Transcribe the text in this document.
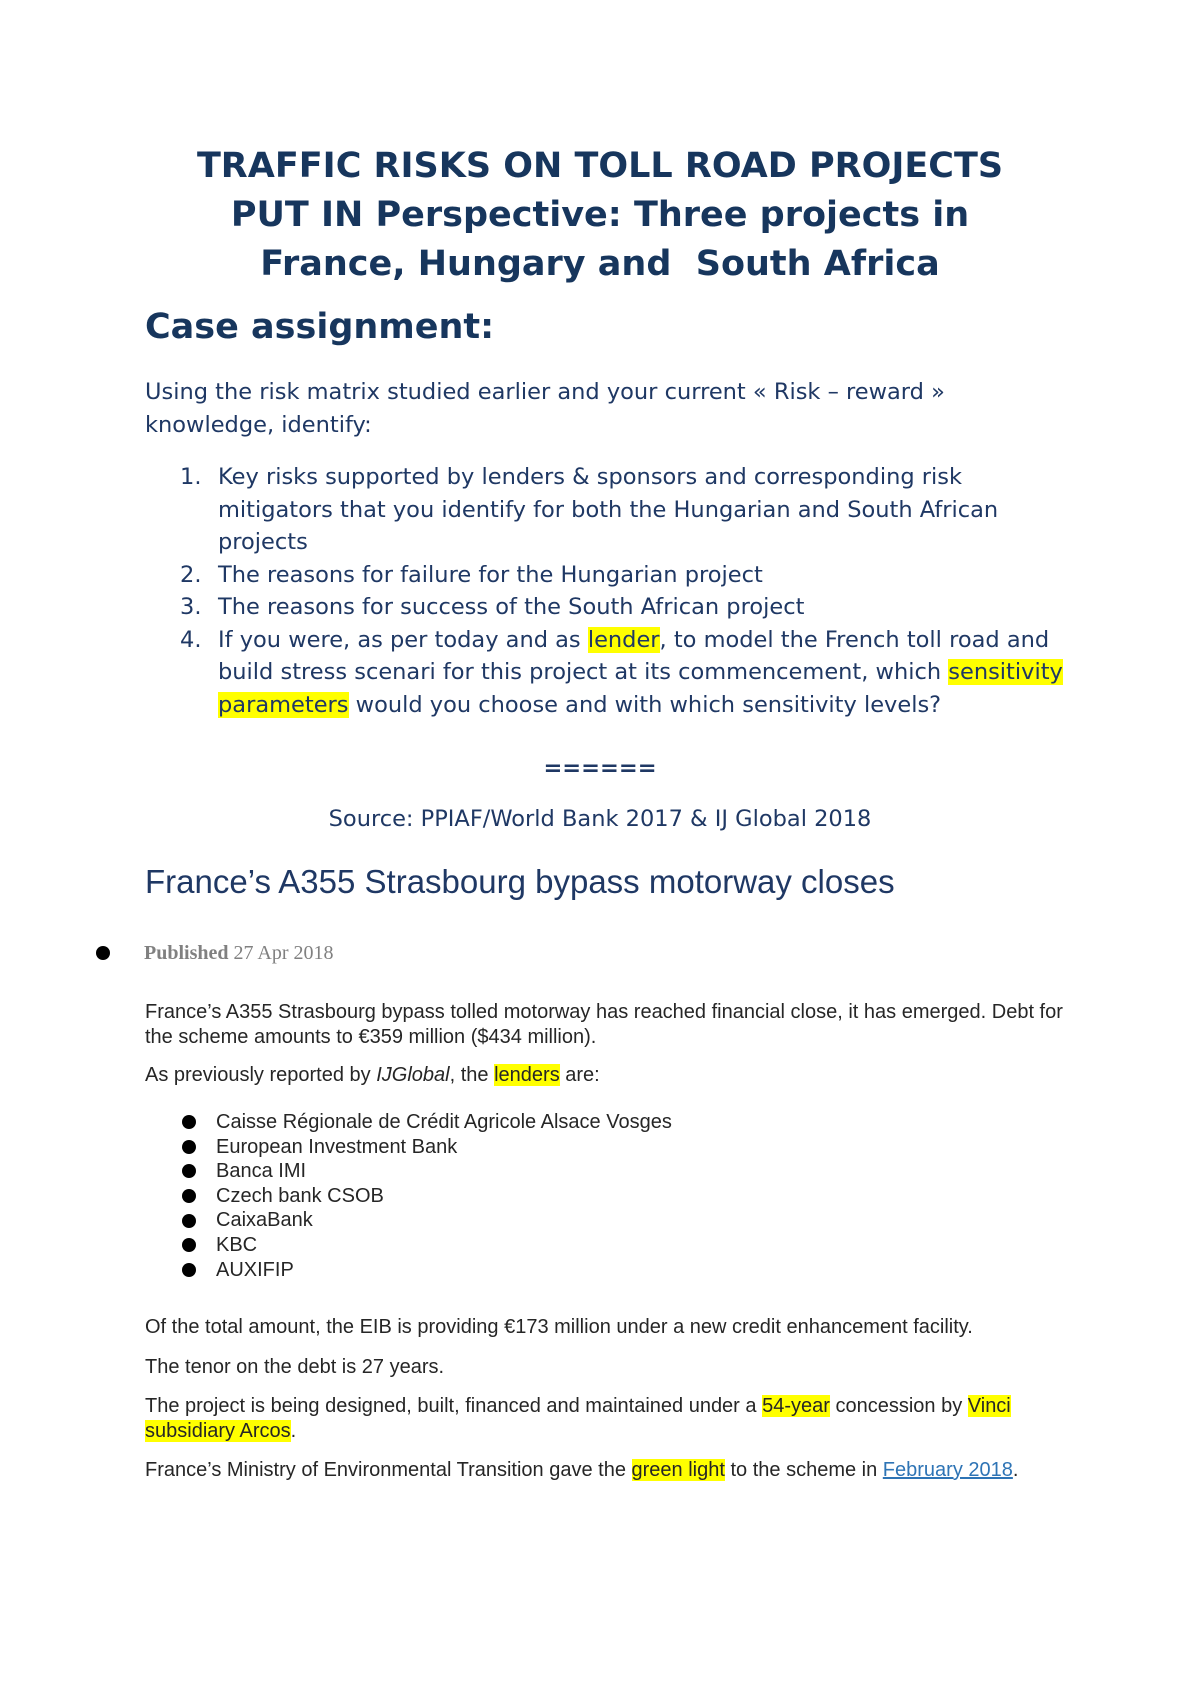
TRAFFIC RISKS ON TOLL ROAD PROJECTS
PUT IN Perspective: Three projects in
France, Hungary and  South Africa
Case assignment:

Using the risk matrix studied earlier and your current « Risk – reward » knowledge, identify:

1. Key risks supported by lenders & sponsors and corresponding risk mitigators that you identify for both the Hungarian and South African projects
2. The reasons for failure for the Hungarian project
3. The reasons for success of the South African project
4. If you were, as per today and as lender, to model the French toll road and build stress scenari for this project at its commencement, which sensitivity parameters would you choose and with which sensitivity levels?

======

Source: PPIAF/World Bank 2017 & IJ Global 2018

France’s A355 Strasbourg bypass motorway closes
Published 27 Apr 2018

France’s A355 Strasbourg bypass tolled motorway has reached financial close, it has emerged. Debt for the scheme amounts to €359 million ($434 million).

As previously reported by IJGlobal, the lenders are:

Caisse Régionale de Crédit Agricole Alsace Vosges
European Investment Bank
Banca IMI
Czech bank CSOB
CaixaBank
KBC
AUXIFIP

Of the total amount, the EIB is providing €173 million under a new credit enhancement facility.

The tenor on the debt is 27 years.

The project is being designed, built, financed and maintained under a 54-year concession by Vinci subsidiary Arcos.

France’s Ministry of Environmental Transition gave the green light to the scheme in February 2018.
